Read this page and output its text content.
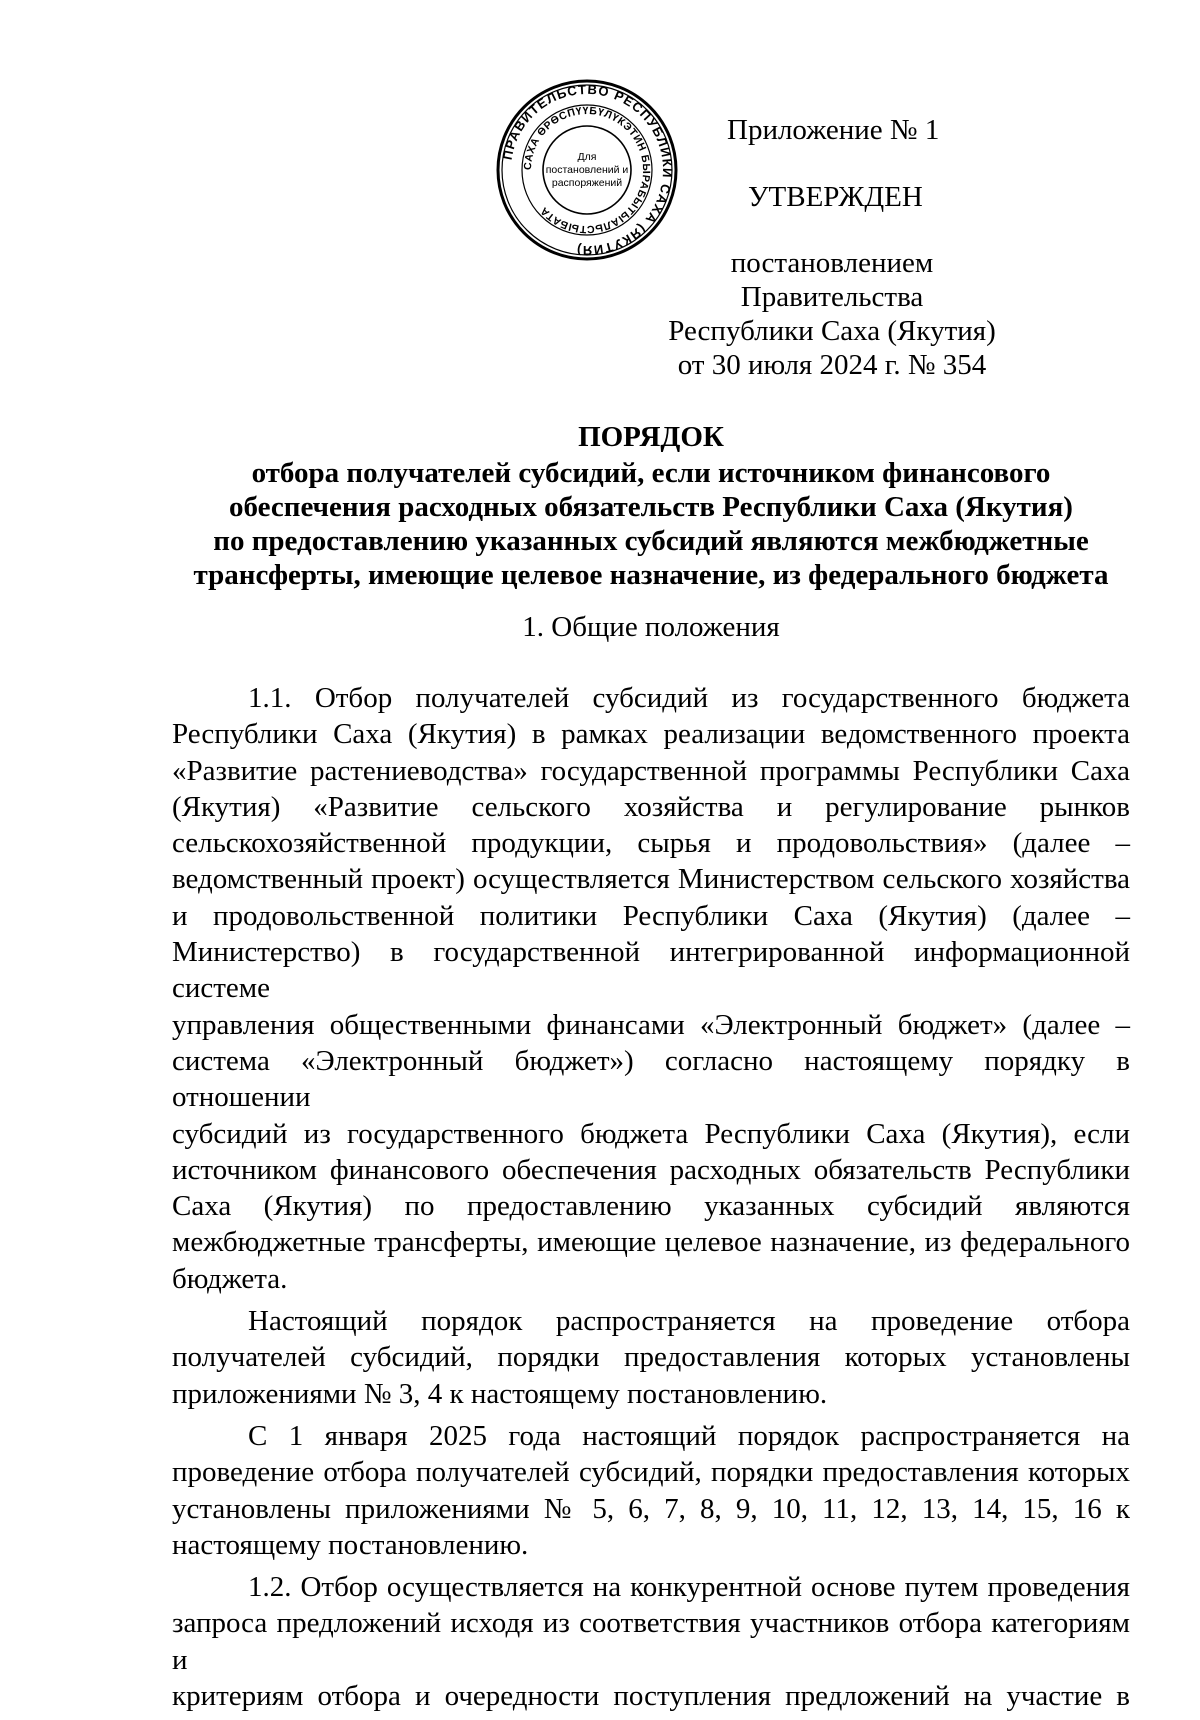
ПРАВИТЕЛЬСТВО РЕСПУБЛИКИ САХА (ЯКУТИЯ)
САХА ӨРӨСПҮҮБҮЛҮКЭТИН БЫРАБЫТЫАЛЬСТЫБАТА
Для
постановлений и
распоряжений
Приложение № 1
УТВЕРЖДЕН
постановлением Правительства
Республики Саха (Якутия)
от 30 июля 2024 г. № 354
ПОРЯДОК
отбора получателей субсидий, если источником финансового
обеспечения расходных обязательств Республики Саха (Якутия)
по предоставлению указанных субсидий являются межбюджетные
трансферты, имеющие целевое назначение, из федерального бюджета
1. Общие положения
1.1. Отбор получателей субсидий из государственного бюджета
Республики Саха (Якутия) в рамках реализации ведомственного проекта
«Развитие растениеводства» государственной программы Республики Саха
(Якутия) «Развитие сельского хозяйства и регулирование рынков
сельскохозяйственной продукции, сырья и продовольствия» (далее –
ведомственный проект) осуществляется Министерством сельского хозяйства
и продовольственной политики Республики Саха (Якутия) (далее –
Министерство) в государственной интегрированной информационной системе
управления общественными финансами «Электронный бюджет» (далее –
система «Электронный бюджет») согласно настоящему порядку в отношении
субсидий из государственного бюджета Республики Саха (Якутия), если
источником финансового обеспечения расходных обязательств Республики
Саха (Якутия) по предоставлению указанных субсидий являются
межбюджетные трансферты, имеющие целевое назначение, из федерального
бюджета.
Настоящий порядок распространяется на проведение отбора
получателей субсидий, порядки предоставления которых установлены
приложениями № 3, 4 к настоящему постановлению.
С 1 января 2025 года настоящий порядок распространяется на
проведение отбора получателей субсидий, порядки предоставления которых
установлены приложениями № 5, 6, 7, 8, 9, 10, 11, 12, 13, 14, 15, 16 к
настоящему постановлению.
1.2. Отбор осуществляется на конкурентной основе путем проведения
запроса предложений исходя из соответствия участников отбора категориям и
критериям отбора и очередности поступления предложений на участие в
